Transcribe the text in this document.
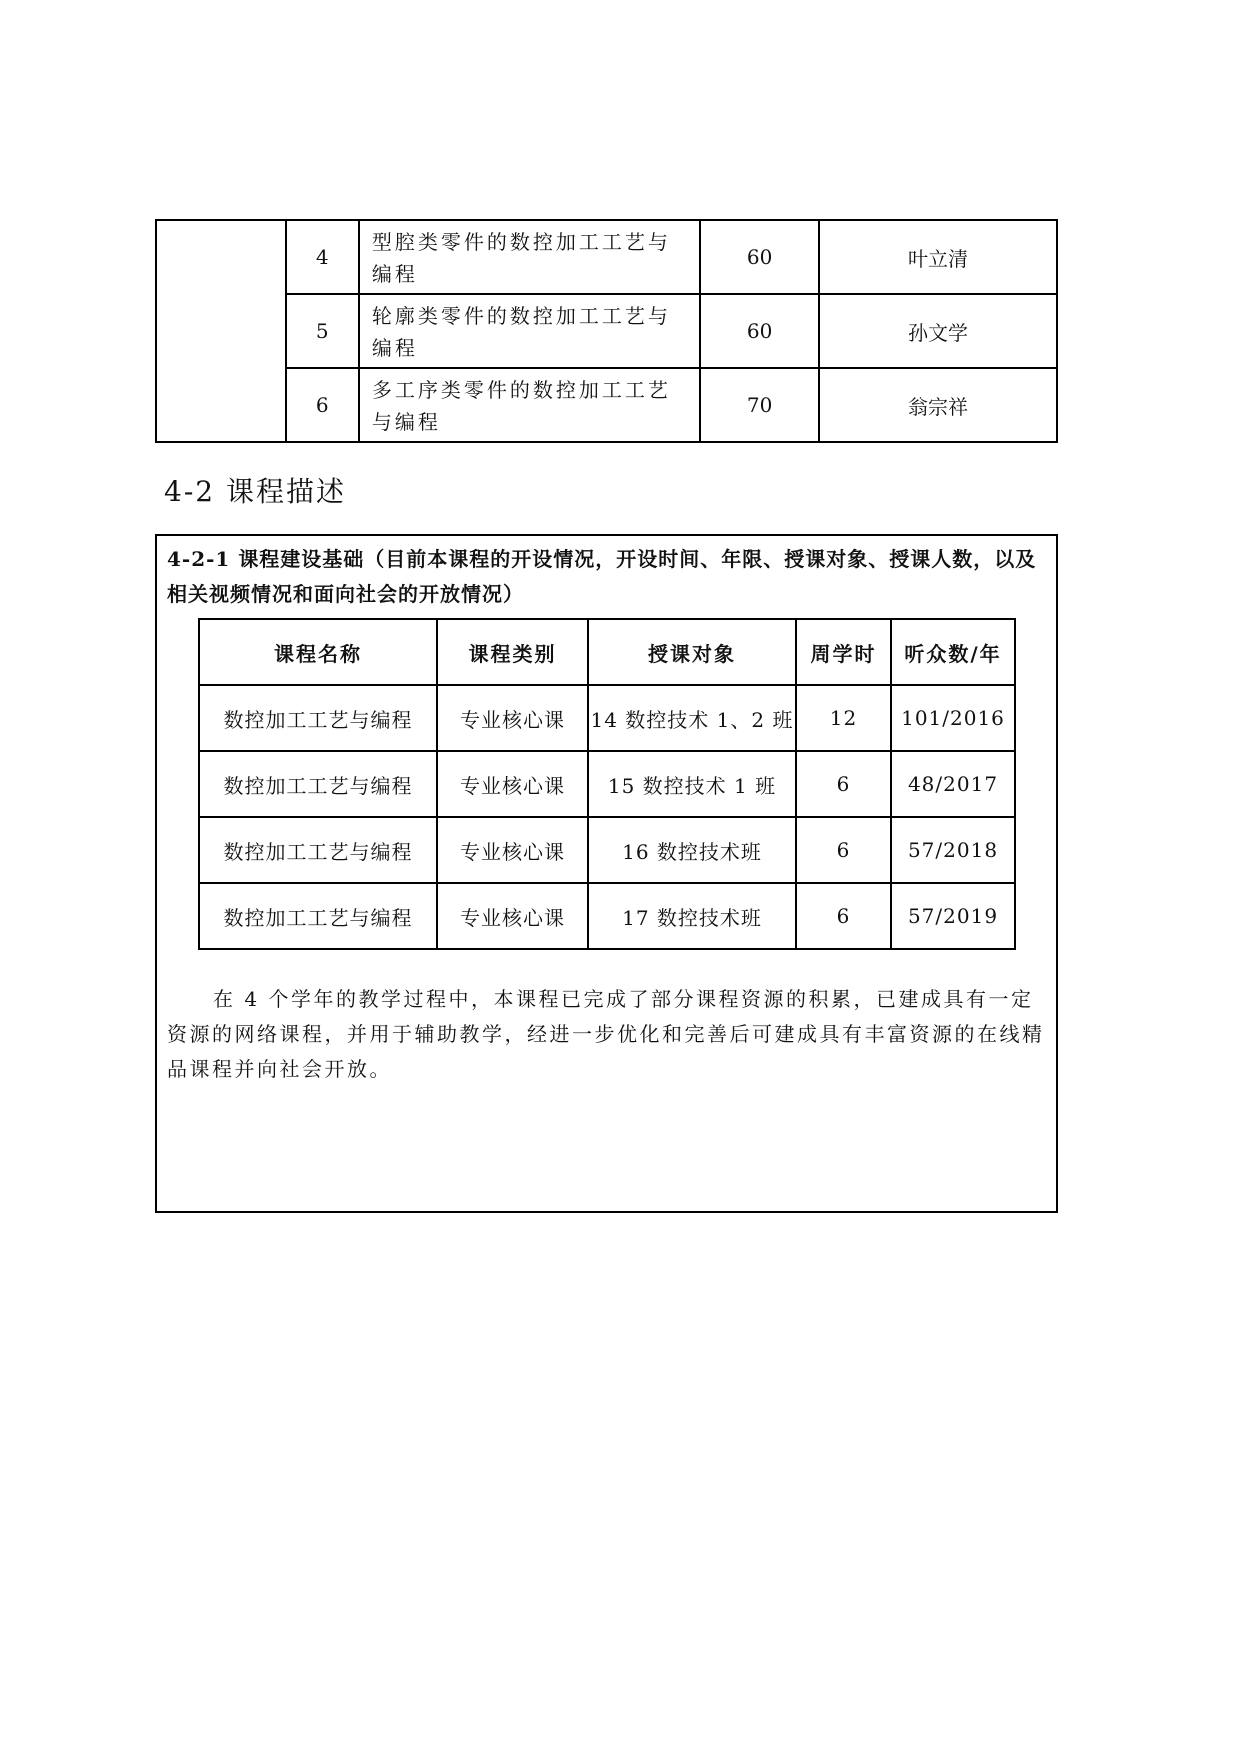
	4	型腔类零件的数控加工工艺与编程	60	叶立清
	5	轮廓类零件的数控加工工艺与编程	60	孙文学
	6	多工序类零件的数控加工工艺与编程	70	翁宗祥
4-2 课程描述

4-2-1 课程建设基础（目前本课程的开设情况，开设时间、年限、授课对象、授课人数，以及相关视频情况和面向社会的开放情况）

课程名称	课程类别	授课对象	周学时	听众数/年
数控加工工艺与编程	专业核心课	14 数控技术 1、2 班	12	101/2016
数控加工工艺与编程	专业核心课	15 数控技术 1 班	6	48/2017
数控加工工艺与编程	专业核心课	16 数控技术班	6	57/2018
数控加工工艺与编程	专业核心课	17 数控技术班	6	57/2019

在 4 个学年的教学过程中，本课程已完成了部分课程资源的积累，已建成具有一定资源的网络课程，并用于辅助教学，经进一步优化和完善后可建成具有丰富资源的在线精品课程并向社会开放。
